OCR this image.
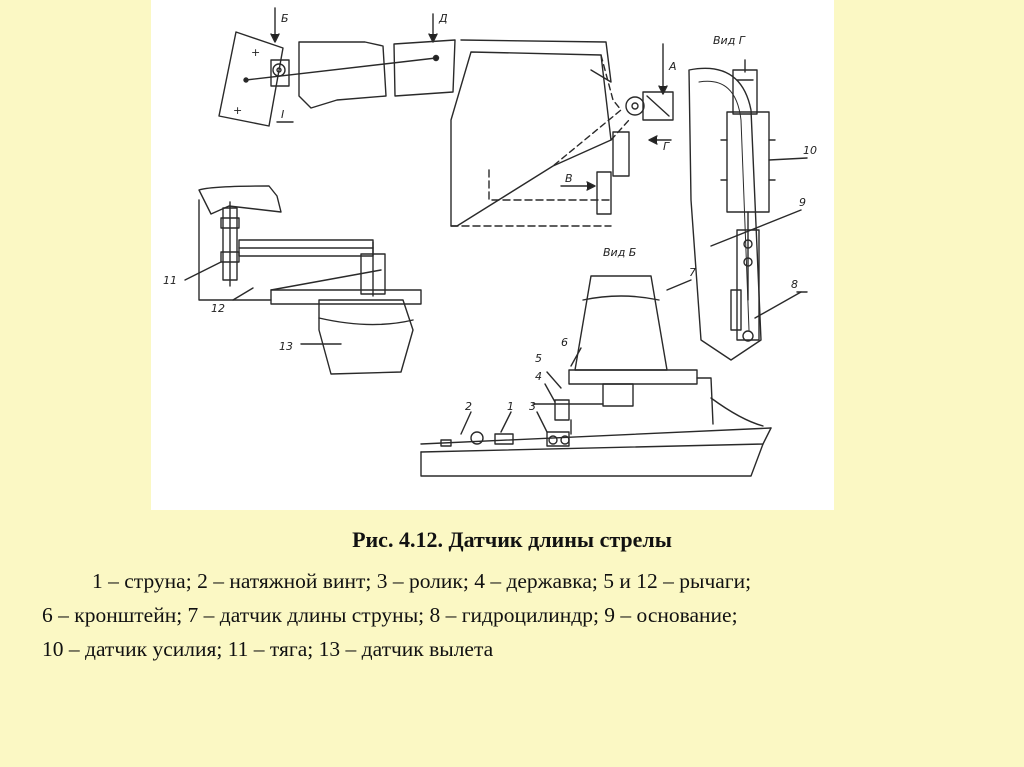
+
+
Б	Д
I
А
Г
В
Вид Г
10
9
8
11
12
13
Вид Б
7
6
5
4
3
1
2
Рис. 4.12. Датчик длины стрелы
1 – струна; 2 – натяжной винт; 3 – ролик; 4 – державка; 5 и 12 – рычаги;
6 – кронштейн; 7 – датчик длины струны; 8 – гидроцилиндр; 9 – основание;
10 – датчик усилия; 11 – тяга; 13 – датчик вылета
